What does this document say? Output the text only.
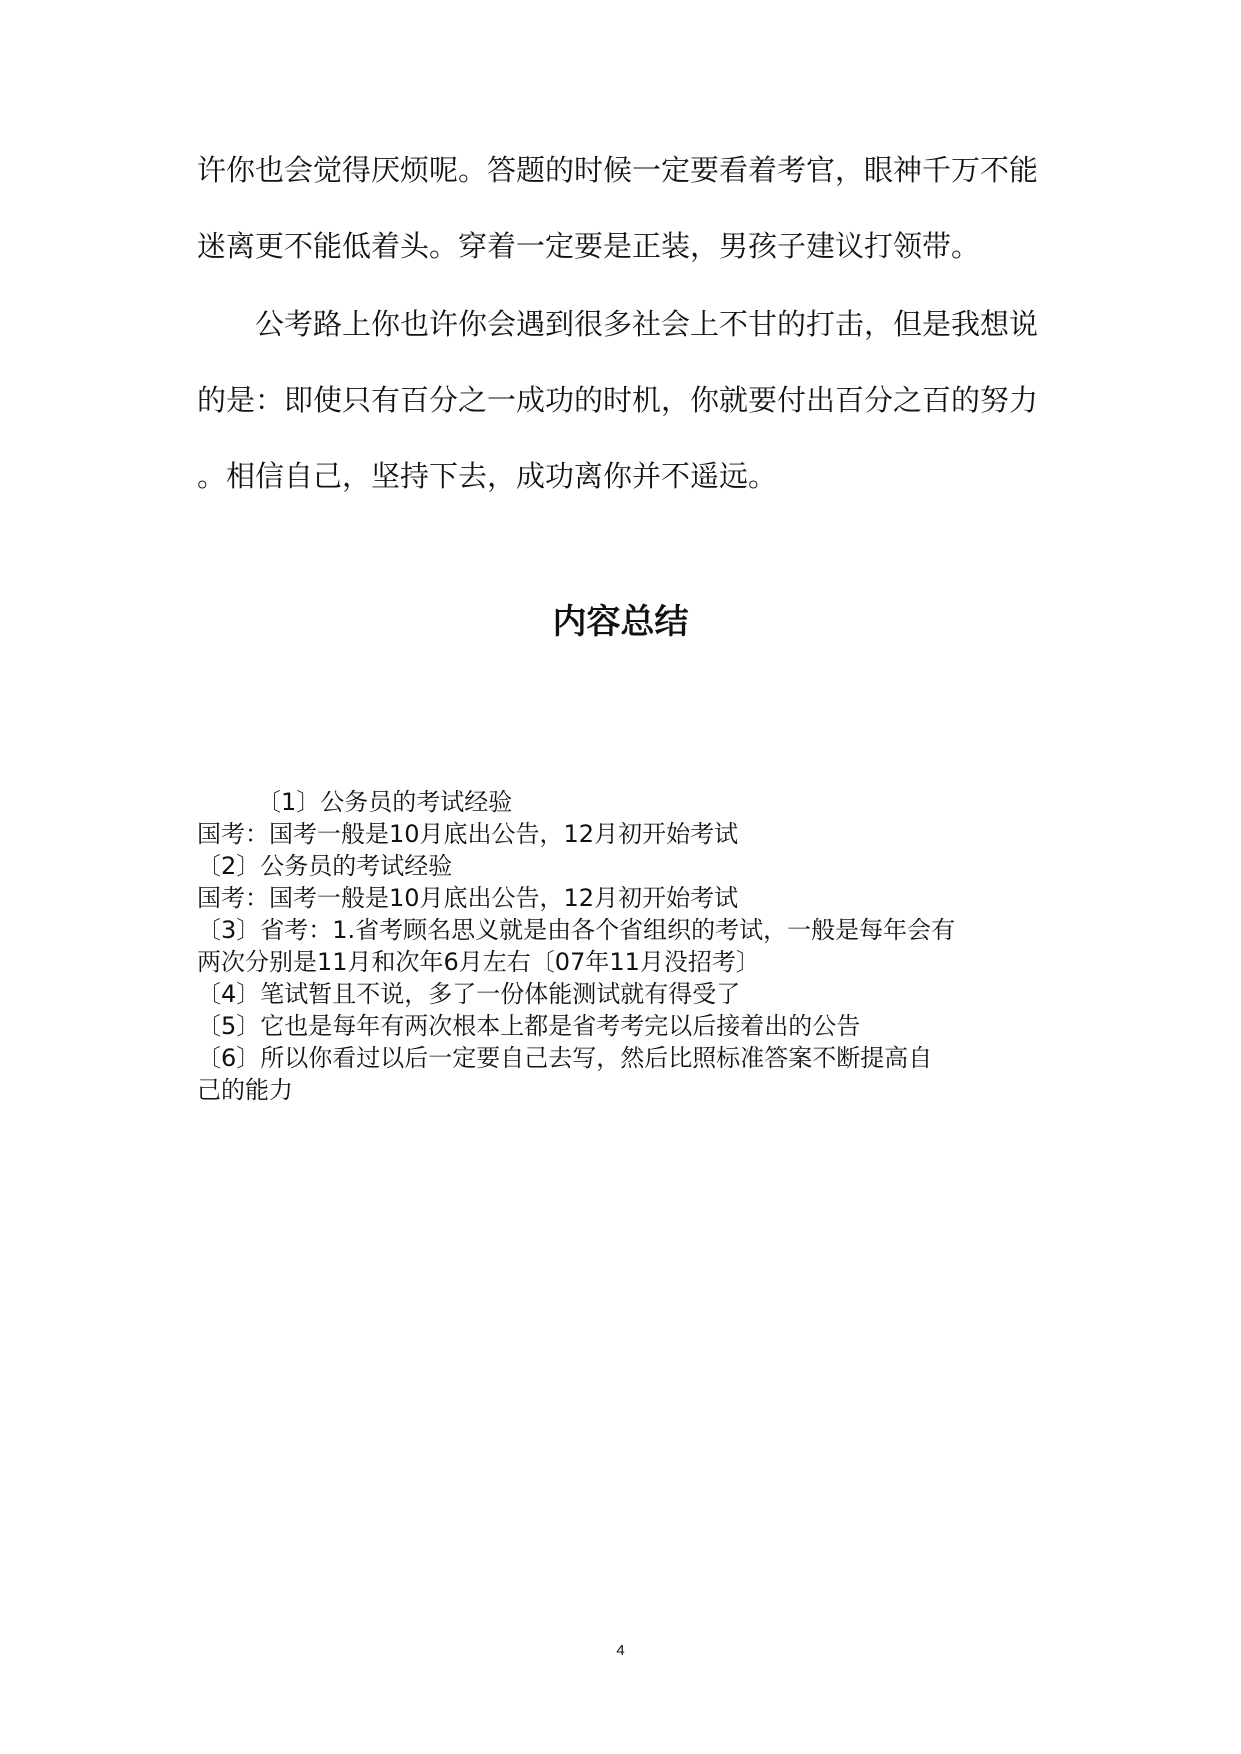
许你也会觉得厌烦呢。答题的时候一定要看着考官，眼神千万不能
迷离更不能低着头。穿着一定要是正装，男孩子建议打领带。
公考路上你也许你会遇到很多社会上不甘的打击，但是我想说
的是：即使只有百分之一成功的时机，你就要付出百分之百的努力
。相信自己，坚持下去，成功离你并不遥远。
内容总结
〔1〕公务员的考试经验
国考：国考一般是10月底出公告，12月初开始考试
〔2〕公务员的考试经验
国考：国考一般是10月底出公告，12月初开始考试
〔3〕省考：1.省考顾名思义就是由各个省组织的考试，一般是每年会有
两次分别是11月和次年6月左右〔07年11月没招考〕
〔4〕笔试暂且不说，多了一份体能测试就有得受了
〔5〕它也是每年有两次根本上都是省考考完以后接着出的公告
〔6〕所以你看过以后一定要自己去写，然后比照标准答案不断提高自
己的能力
4
